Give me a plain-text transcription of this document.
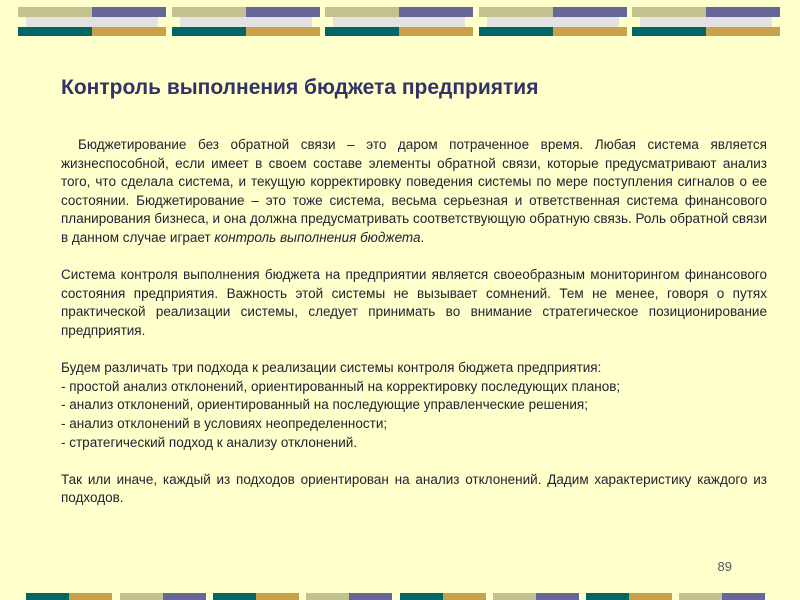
Контроль выполнения бюджета предприятия

Бюджетирование без обратной связи – это даром потраченное время. Любая система является жизнеспособной, если имеет в своем составе элементы обратной связи, которые предусматривают анализ того, что сделала система, и текущую корректировку поведения системы по мере поступления сигналов о ее состоянии. Бюджетирование – это тоже система, весьма серьезная и ответственная система финансового планирования бизнеса, и она должна предусматривать соответствующую обратную связь. Роль обратной связи в данном случае играет контроль выполнения бюджета.

Система контроля выполнения бюджета на предприятии является своеобразным мониторингом финансового состояния предприятия. Важность этой системы не вызывает сомнений. Тем не менее, говоря о путях практической реализации системы, следует принимать во внимание стратегическое позиционирование предприятия.

Будем различать три подхода к реализации системы контроля бюджета предприятия:

- простой анализ отклонений, ориентированный на корректировку последующих планов;
- анализ отклонений, ориентированный на последующие управленческие решения;
- анализ отклонений в условиях неопределенности;
- стратегический подход к анализу отклонений.

Так или иначе, каждый из подходов ориентирован на анализ отклонений. Дадим характеристику каждого из подходов.

89
